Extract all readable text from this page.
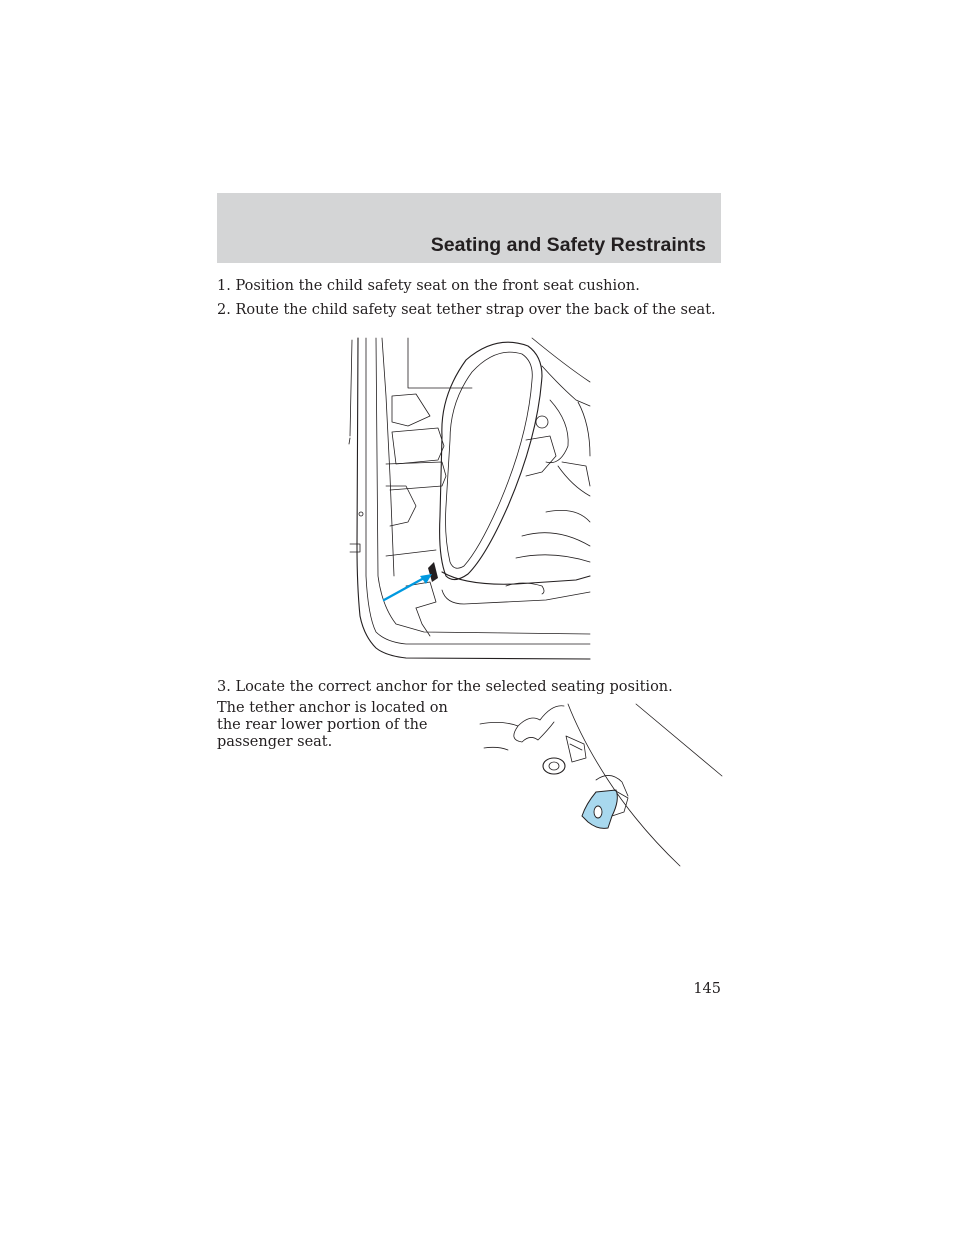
Seating and Safety Restraints

1. Position the child safety seat on the front seat cushion.

2. Route the child safety seat tether strap over the back of the seat.

3. Locate the correct anchor for the selected seating position.

The tether anchor is located on the rear lower portion of the passenger seat.

145
